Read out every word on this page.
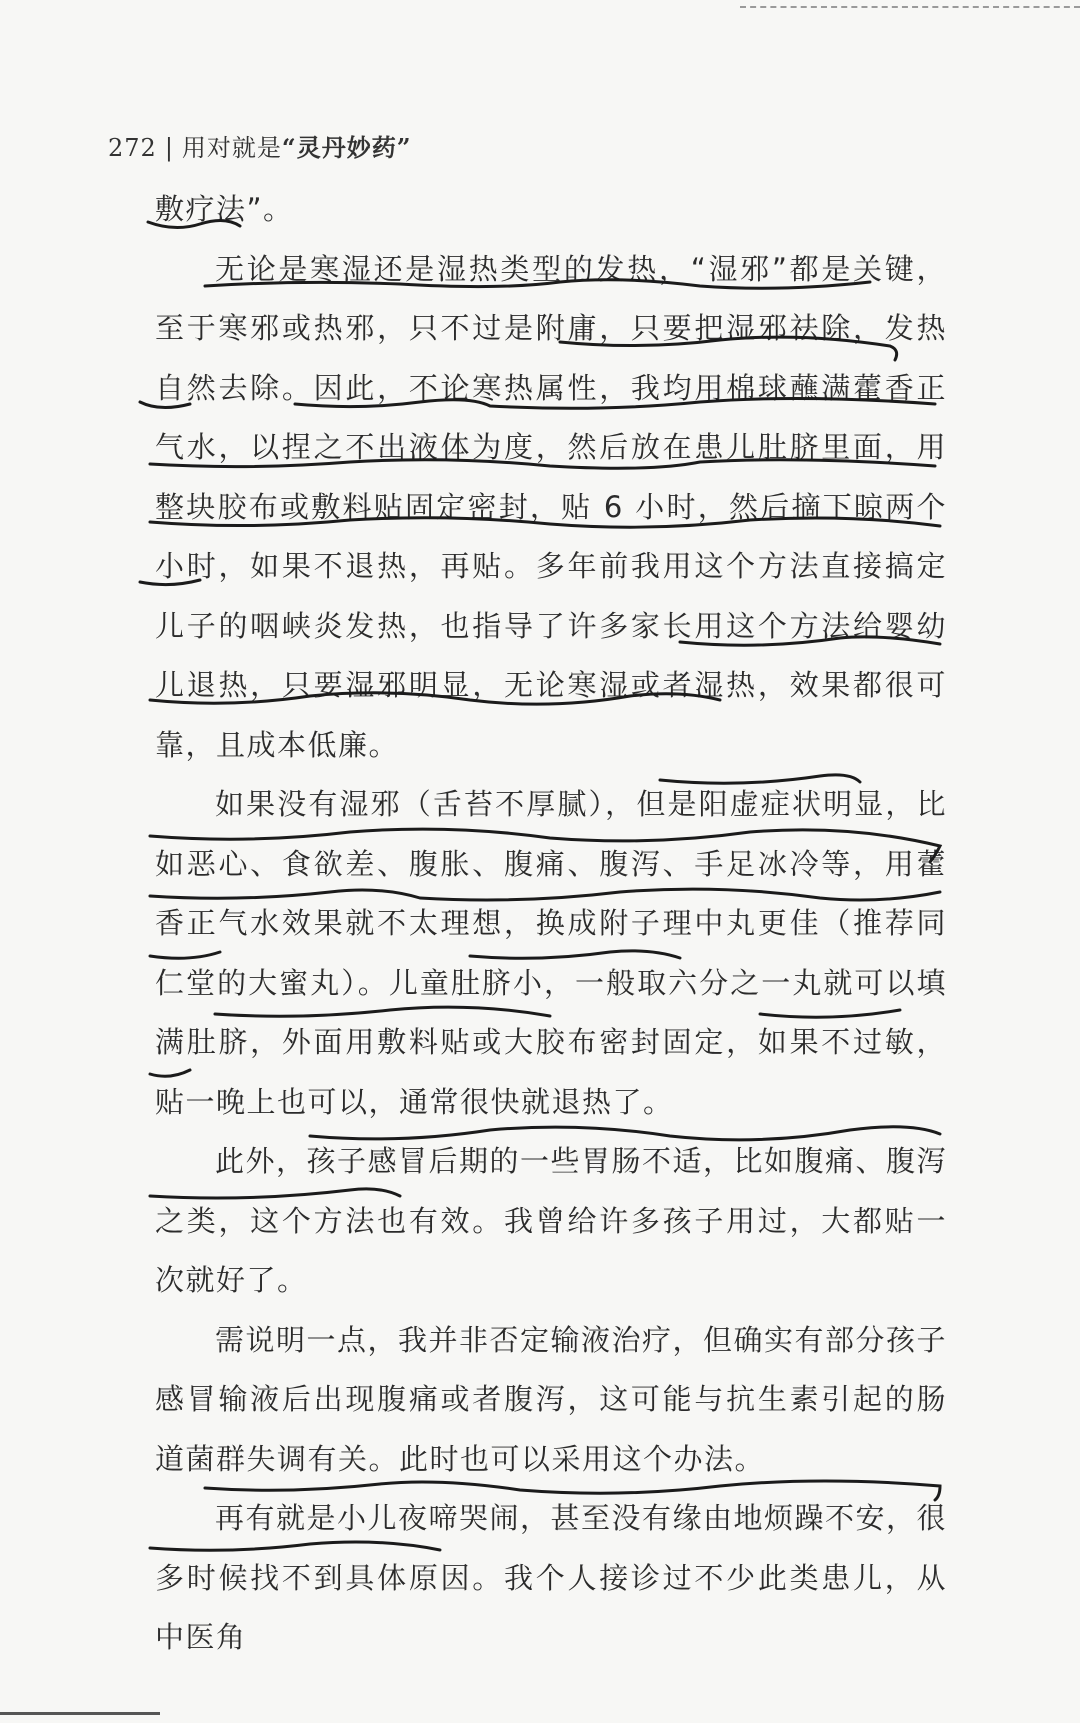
272 | 用对就是“灵丹妙药”

敷疗法”。

无论是寒湿还是湿热类型的发热，“湿邪”都是关键，至于寒邪或热邪，只不过是附庸，只要把湿邪祛除，发热自然去除。因此，不论寒热属性，我均用棉球蘸满藿香正气水，以捏之不出液体为度，然后放在患儿肚脐里面，用整块胶布或敷料贴固定密封，贴 6 小时，然后摘下晾两个小时，如果不退热，再贴。多年前我用这个方法直接搞定儿子的咽峡炎发热，也指导了许多家长用这个方法给婴幼儿退热，只要湿邪明显，无论寒湿或者湿热，效果都很可靠，且成本低廉。

如果没有湿邪（舌苔不厚腻），但是阳虚症状明显，比如恶心、食欲差、腹胀、腹痛、腹泻、手足冰冷等，用藿香正气水效果就不太理想，换成附子理中丸更佳（推荐同仁堂的大蜜丸）。儿童肚脐小，一般取六分之一丸就可以填满肚脐，外面用敷料贴或大胶布密封固定，如果不过敏，贴一晚上也可以，通常很快就退热了。

此外，孩子感冒后期的一些胃肠不适，比如腹痛、腹泻之类，这个方法也有效。我曾给许多孩子用过，大都贴一次就好了。

需说明一点，我并非否定输液治疗，但确实有部分孩子感冒输液后出现腹痛或者腹泻，这可能与抗生素引起的肠道菌群失调有关。此时也可以采用这个办法。

再有就是小儿夜啼哭闹，甚至没有缘由地烦躁不安，很多时候找不到具体原因。我个人接诊过不少此类患儿，从中医角
